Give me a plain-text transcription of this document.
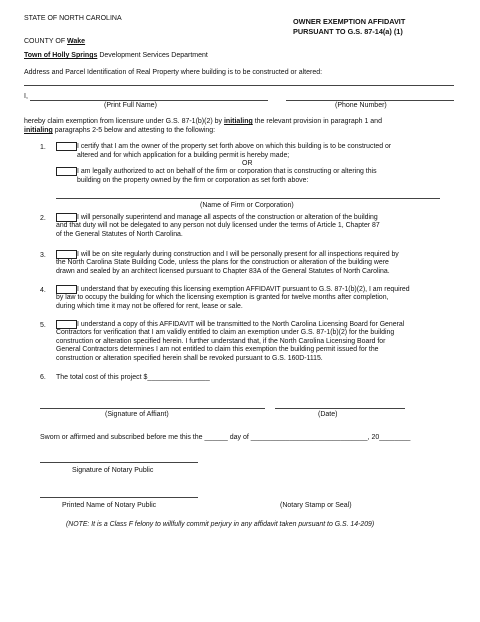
STATE OF NORTH CAROLINA
COUNTY OF Wake
OWNER EXEMPTION AFFIDAVIT
PURSUANT TO G.S. 87-14(a) (1)
Town of Holly Springs Development Services Department
Address and Parcel Identification of Real Property where building is to be constructed or altered:
I,
(Print Full Name)	(Phone Number)
hereby claim exemption from licensure under G.S. 87-1(b)(2) by initialing the relevant provision in paragraph 1 and
initialing paragraphs 2-5 below and attesting to the following:
1.	I certify that I am the owner of the property set forth above on which this building is to be constructed or
altered and for which application for a building permit is hereby made;
OR
I am legally authorized to act on behalf of the firm or corporation that is constructing or altering this
building on the property owned by the firm or corporation as set forth above:
(Name of Firm or Corporation)
2.	I will personally superintend and manage all aspects of the construction or alteration of the building
and that duty will not be delegated to any person not duly licensed under the terms of Article 1, Chapter 87
of the General Statutes of North Carolina.
3.	I will be on site regularly during construction and I will be personally present for all inspections required by
the North Carolina State Building Code, unless the plans for the construction or alteration of the building were
drawn and sealed by an architect licensed pursuant to Chapter 83A of the General Statutes of North Carolina.
4.	I understand that by executing this licensing exemption AFFIDAVIT pursuant to G.S. 87-1(b)(2), I am required
by law to occupy the building for which the licensing exemption is granted for twelve months after completion,
during which time it may not be offered for rent, lease or sale.
5.	I understand a copy of this AFFIDAVIT will be transmitted to the North Carolina Licensing Board for General
Contractors for verification that I am validly entitled to claim an exemption under G.S. 87-1(b)(2) for the building
construction or alteration specified herein. I further understand that, if the North Carolina Licensing Board for
General Contractors determines I am not entitled to claim this exemption the building permit issued for the
construction or alteration specified herein shall be revoked pursuant to G.S. 160D-1115.
6. The total cost of this project $________________
(Signature of Affiant)	(Date)
Sworn or affirmed and subscribed before me this the ______ day of ______________________________, 20________
Signature of Notary Public
Printed Name of Notary Public	(Notary Stamp or Seal)
(NOTE: It is a Class F felony to willfully commit perjury in any affidavit taken pursuant to G.S. 14-209)
